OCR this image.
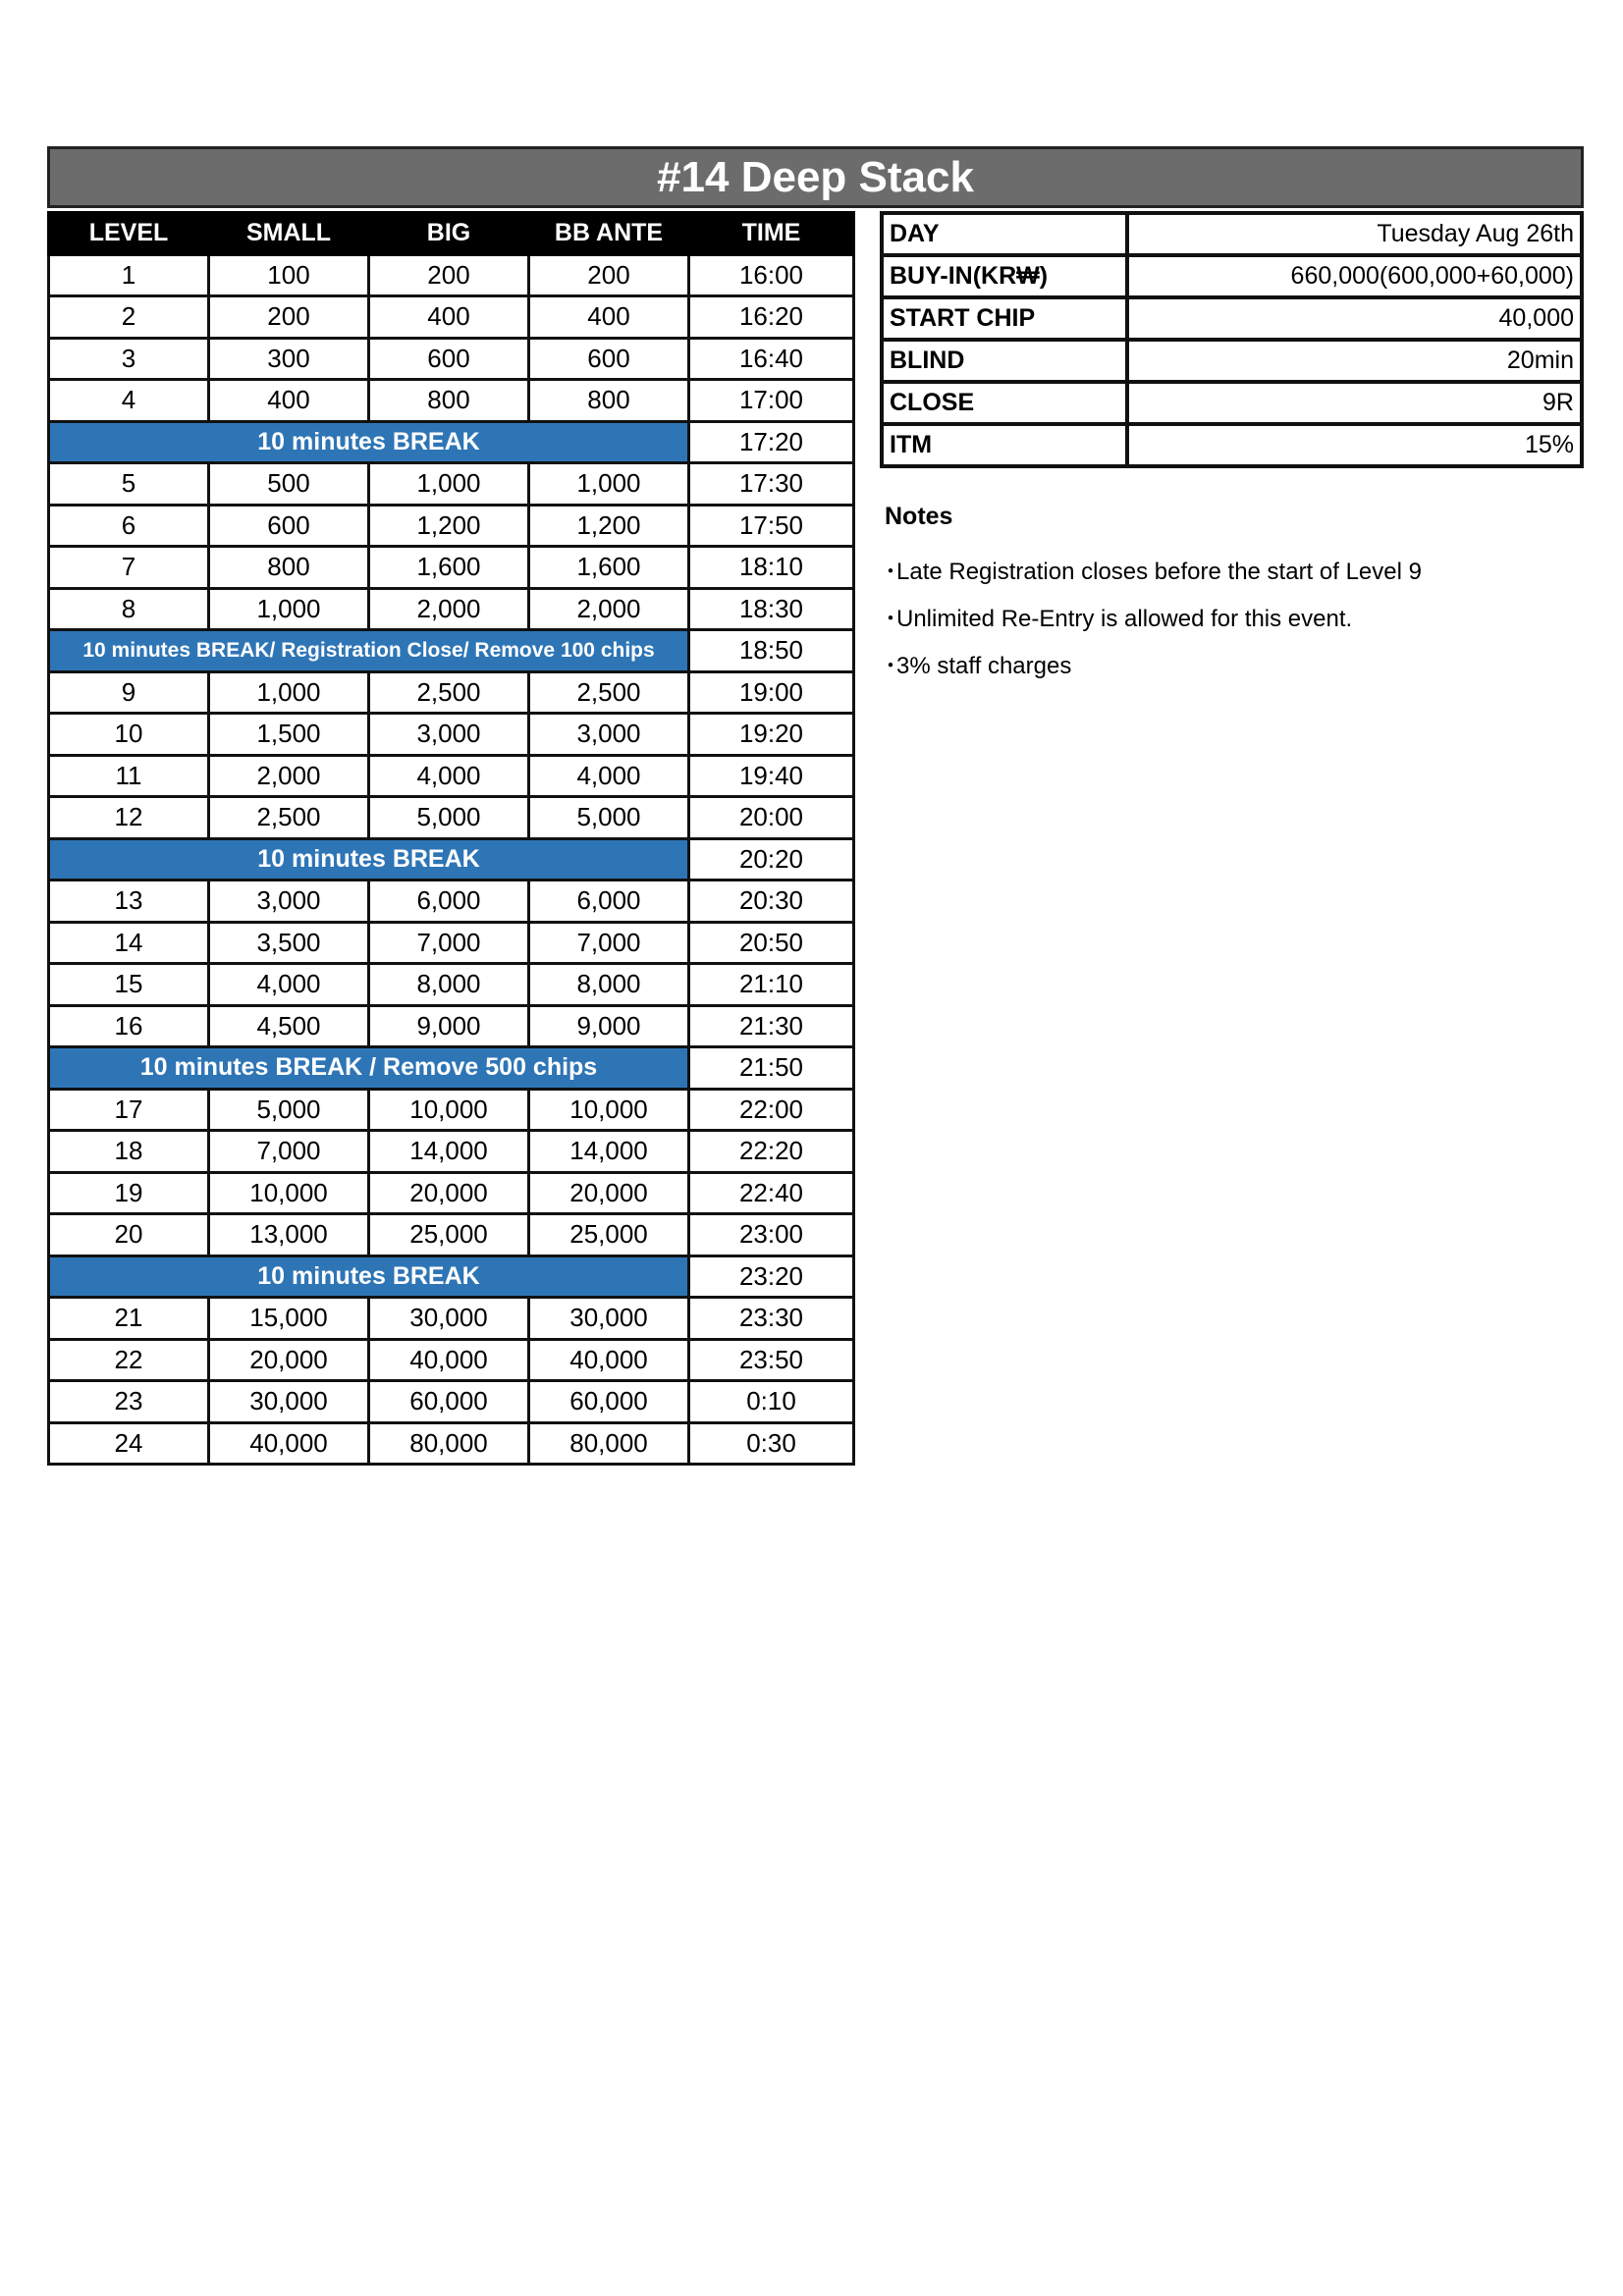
#14 Deep Stack
LEVEL	SMALL	BIG	BB ANTE	TIME
1	100	200	200	16:00
2	200	400	400	16:20
3	300	600	600	16:40
4	400	800	800	17:00
10 minutes BREAK				17:20
5	500	1,000	1,000	17:30
6	600	1,200	1,200	17:50
7	800	1,600	1,600	18:10
8	1,000	2,000	2,000	18:30
10 minutes BREAK/ Registration Close/ Remove 100 chips				18:50
9	1,000	2,500	2,500	19:00
10	1,500	3,000	3,000	19:20
11	2,000	4,000	4,000	19:40
12	2,500	5,000	5,000	20:00
10 minutes BREAK				20:20
13	3,000	6,000	6,000	20:30
14	3,500	7,000	7,000	20:50
15	4,000	8,000	8,000	21:10
16	4,500	9,000	9,000	21:30
10 minutes BREAK / Remove 500 chips				21:50
17	5,000	10,000	10,000	22:00
18	7,000	14,000	14,000	22:20
19	10,000	20,000	20,000	22:40
20	13,000	25,000	25,000	23:00
10 minutes BREAK				23:20
21	15,000	30,000	30,000	23:30
22	20,000	40,000	40,000	23:50
23	30,000	60,000	60,000	0:10
24	40,000	80,000	80,000	0:30
DAY	Tuesday Aug 26th
BUY-IN(KR₩)	660,000(600,000+60,000)
START CHIP	40,000
BLIND	20min
CLOSE	9R
ITM	15%
Notes
･Late Registration closes before the start of Level 9
･Unlimited Re-Entry is allowed for this event.
･3% staff charges
